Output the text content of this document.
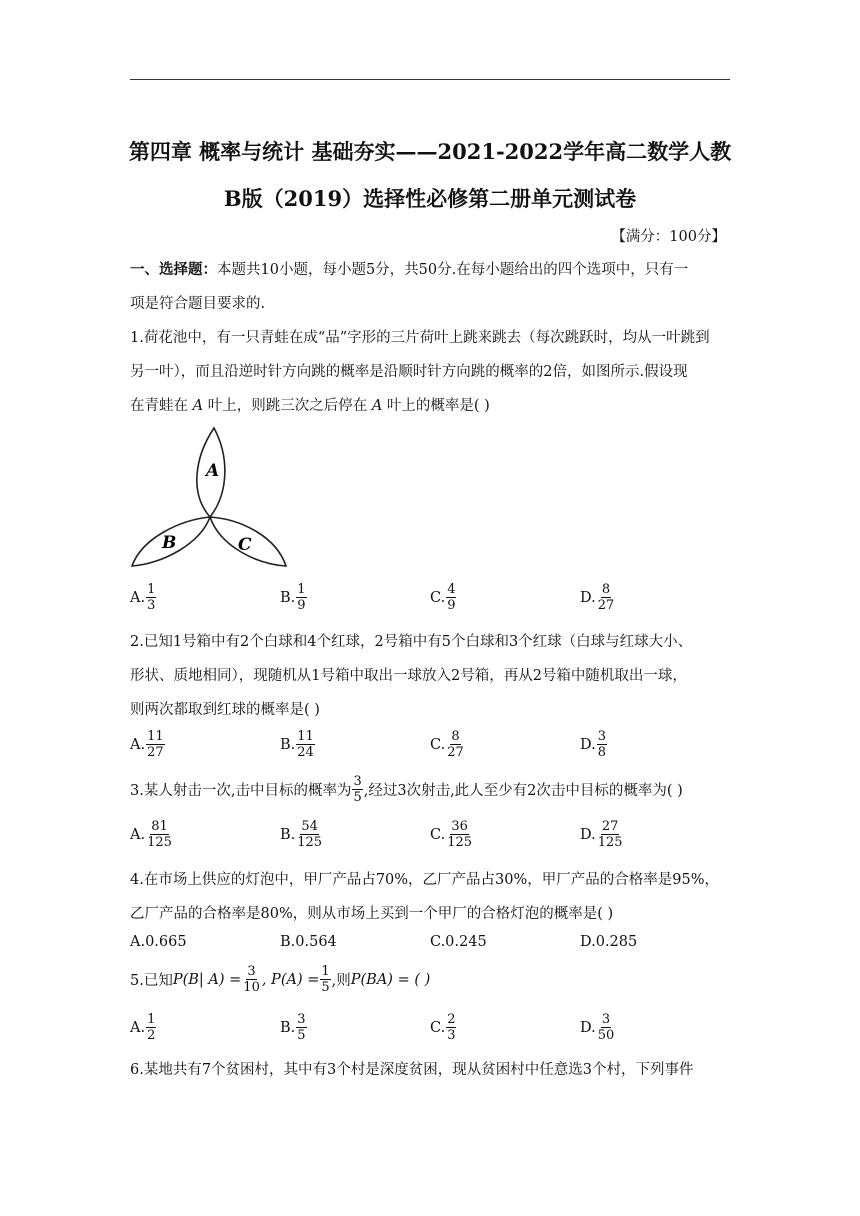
第四章 概率与统计 基础夯实——2021-2022学年高二数学人教
B版（2019）选择性必修第二册单元测试卷
【满分：100分】
一、选择题：本题共10小题，每小题5分，共50分.在每小题给出的四个选项中，只有一
项是符合题目要求的.
1.荷花池中，有一只青蛙在成“品”字形的三片荷叶上跳来跳去（每次跳跃时，均从一叶跳到
另一叶），而且沿逆时针方向跳的概率是沿顺时针方向跳的概率的2倍，如图所示.假设现
在青蛙在 A 叶上，则跳三次之后停在 A 叶上的概率是( )
A
B	C
A. $\frac{1}{3}$	B. $\frac{1}{9}$	C. $\frac{4}{9}$	D. $\frac{8}{27}$
2.已知1号箱中有2个白球和4个红球，2号箱中有5个白球和3个红球（白球与红球大小、
形状、质地相同），现随机从1号箱中取出一球放入2号箱，再从2号箱中随机取出一球，
则两次都取到红球的概率是( )
A. $\frac{11}{27}$	B. $\frac{11}{24}$	C. $\frac{8}{27}$	D. $\frac{3}{8}$
3.某人射击一次,击中目标的概率为 $\frac{3}{5}$ ,经过3次射击,此人至少有2次击中目标的概率为( )
A. $\frac{81}{125}$	B. $\frac{54}{125}$	C. $\frac{36}{125}$	D. $\frac{27}{125}$
4.在市场上供应的灯泡中，甲厂产品占70%，乙厂产品占30%，甲厂产品的合格率是95%，
乙厂产品的合格率是80%，则从市场上买到一个甲厂的合格灯泡的概率是( )
A.0.665	B.0.564	C.0.245	D.0.285
5.已知 P(B| $A) = \frac{3}{10}$ , $P(A) = \frac{1}{5}$ ,则 P(BA) = ( )
A. $\frac{1}{2}$	B. $\frac{3}{5}$	C. $\frac{2}{3}$	D. $\frac{3}{50}$
6.某地共有7个贫困村，其中有3个村是深度贫困，现从贫困村中任意选3个村，下列事件
